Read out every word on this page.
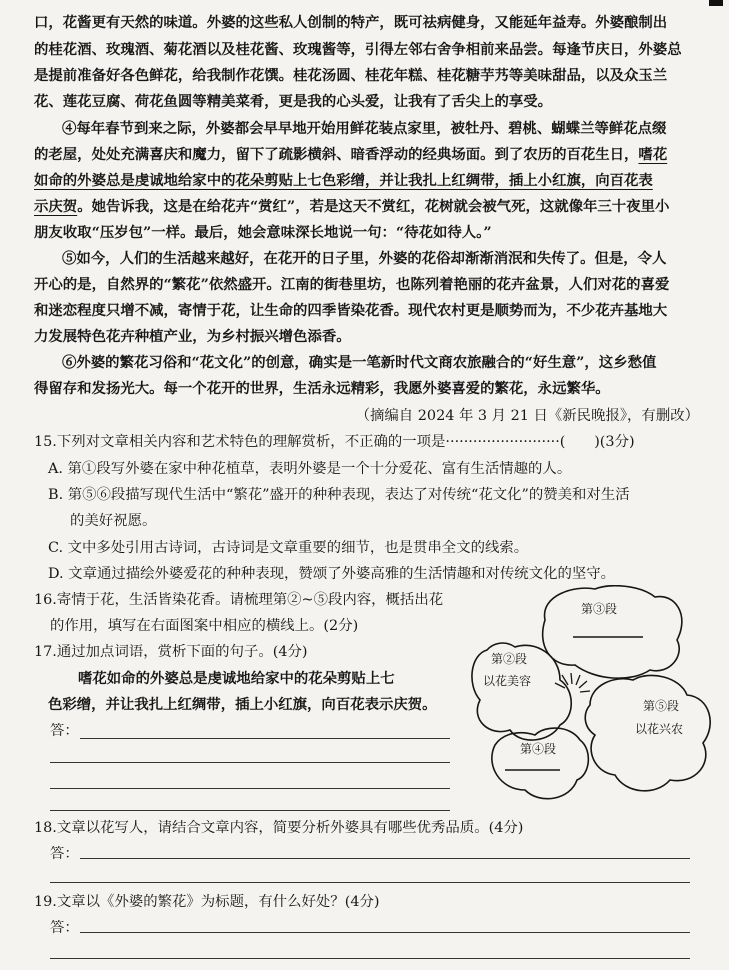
口，花酱更有天然的味道。外婆的这些私人创制的特产，既可祛病健身，又能延年益寿。外婆酿制出
的桂花酒、玫瑰酒、菊花酒以及桂花酱、玫瑰酱等，引得左邻右舍争相前来品尝。每逢节庆日，外婆总
是提前准备好各色鲜花，给我制作花馔。桂花汤圆、桂花年糕、桂花糖芋艿等美味甜品，以及众玉兰
花、莲花豆腐、荷花鱼圆等精美菜肴，更是我的心头爱，让我有了舌尖上的享受。
④每年春节到来之际，外婆都会早早地开始用鲜花装点家里，被牡丹、碧桃、蝴蝶兰等鲜花点缀
的老屋，处处充满喜庆和魔力，留下了疏影横斜、暗香浮动的经典场面。到了农历的百花生日，嗜花
如命的外婆总是虔诚地给家中的花朵剪贴上七色彩缯，并让我扎上红绸带，插上小红旗，向百花表
示庆贺。她告诉我，这是在给花卉“赏红”，若是这天不赏红，花树就会被气死，这就像年三十夜里小
朋友收取“压岁包”一样。最后，她会意味深长地说一句：“待花如待人。”
⑤如今，人们的生活越来越好，在花开的日子里，外婆的花俗却渐渐消泯和失传了。但是，令人
开心的是，自然界的“繁花”依然盛开。江南的街巷里坊，也陈列着艳丽的花卉盆景，人们对花的喜爱
和迷恋程度只增不减，寄情于花，让生命的四季皆染花香。现代农村更是顺势而为，不少花卉基地大
力发展特色花卉种植产业，为乡村振兴增色添香。
⑥外婆的繁花习俗和“花文化”的创意，确实是一笔新时代文商农旅融合的“好生意”，这乡愁值
得留存和发扬光大。每一个花开的世界，生活永远精彩，我愿外婆喜爱的繁花，永远繁华。
（摘编自 2024 年 3 月 21 日《新民晚报》，有删改）
15.下列对文章相关内容和艺术特色的理解赏析，不正确的一项是·························(　　)(3分)
A. 第①段写外婆在家中种花植草，表明外婆是一个十分爱花、富有生活情趣的人。
B. 第⑤⑥段描写现代生活中“繁花”盛开的种种表现，表达了对传统“花文化”的赞美和对生活
的美好祝愿。
C. 文中多处引用古诗词，古诗词是文章重要的细节，也是贯串全文的线索。
D. 文章通过描绘外婆爱花的种种表现，赞颂了外婆高雅的生活情趣和对传统文化的坚守。
16.寄情于花，生活皆染花香。请梳理第②~⑤段内容，概括出花
的作用，填写在右面图案中相应的横线上。(2分)
17.通过加点词语，赏析下面的句子。(4分)
嗜花如命的外婆总是虔诚地给家中的花朵剪贴上七
色彩缯，并让我扎上红绸带，插上小红旗，向百花表示庆贺。
答：
第③段
第②段
以花美容
第④段
第⑤段
以花兴农
18.文章以花写人，请结合文章内容，简要分析外婆具有哪些优秀品质。(4分)
答：
19.文章以《外婆的繁花》为标题，有什么好处？(4分)
答：
